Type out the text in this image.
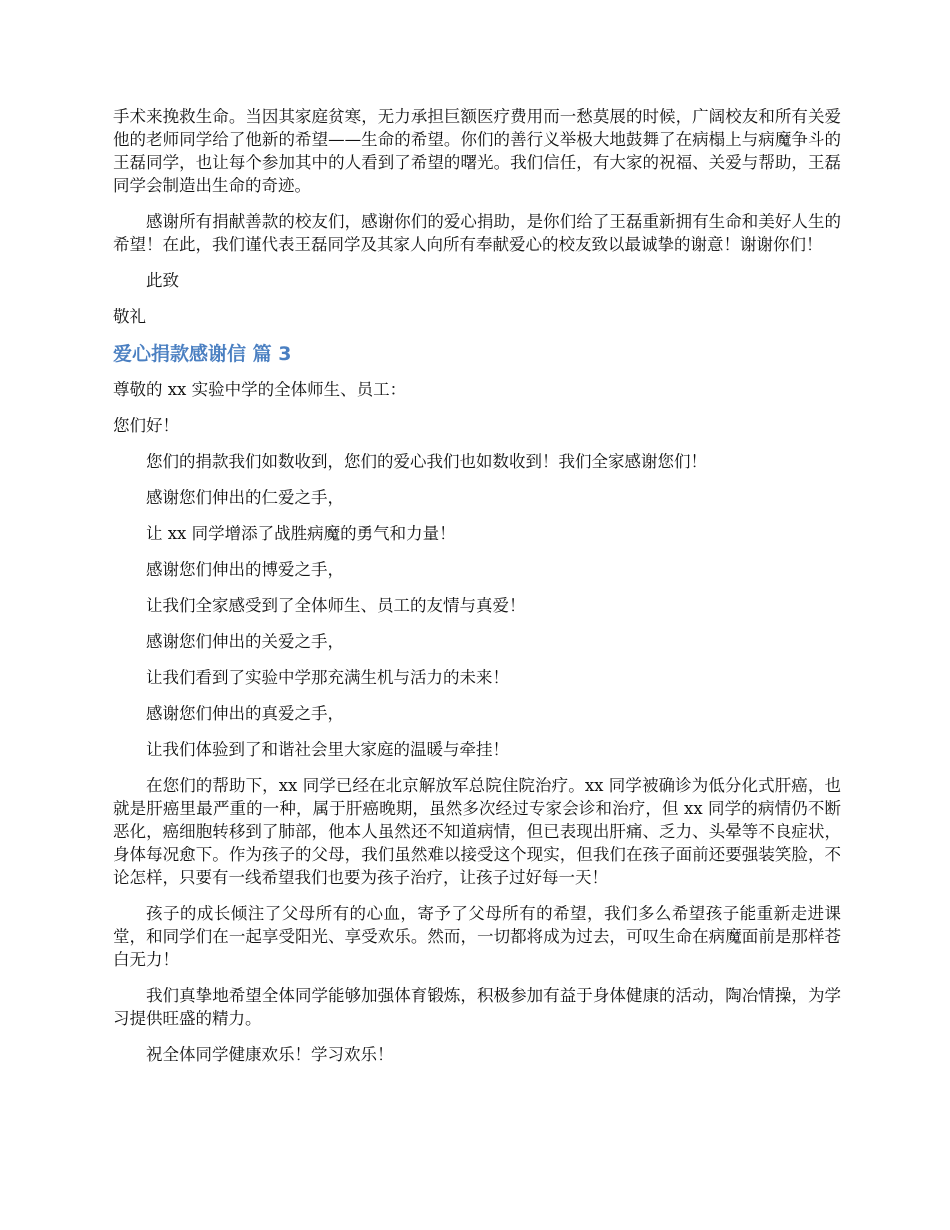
手术来挽救生命。当因其家庭贫寒，无力承担巨额医疗费用而一愁莫展的时候，广阔校友和所有关爱他的老师同学给了他新的希望——生命的希望。你们的善行义举极大地鼓舞了在病榻上与病魔争斗的王磊同学，也让每个参加其中的人看到了希望的曙光。我们信任，有大家的祝福、关爱与帮助，王磊同学会制造出生命的奇迹。

感谢所有捐献善款的校友们，感谢你们的爱心捐助，是你们给了王磊重新拥有生命和美好人生的希望！在此，我们谨代表王磊同学及其家人向所有奉献爱心的校友致以最诚挚的谢意！谢谢你们！

此致

敬礼

爱心捐款感谢信 篇 3

尊敬的 xx 实验中学的全体师生、员工：

您们好！

您们的捐款我们如数收到，您们的爱心我们也如数收到！我们全家感谢您们！

感谢您们伸出的仁爱之手，

让 xx 同学增添了战胜病魔的勇气和力量！

感谢您们伸出的博爱之手，

让我们全家感受到了全体师生、员工的友情与真爱！

感谢您们伸出的关爱之手，

让我们看到了实验中学那充满生机与活力的未来！

感谢您们伸出的真爱之手，

让我们体验到了和谐社会里大家庭的温暖与牵挂！

在您们的帮助下，xx 同学已经在北京解放军总院住院治疗。xx 同学被确诊为低分化式肝癌，也就是肝癌里最严重的一种，属于肝癌晚期，虽然多次经过专家会诊和治疗，但 xx 同学的病情仍不断恶化，癌细胞转移到了肺部，他本人虽然还不知道病情，但已表现出肝痛、乏力、头晕等不良症状，身体每况愈下。作为孩子的父母，我们虽然难以接受这个现实，但我们在孩子面前还要强装笑脸，不论怎样，只要有一线希望我们也要为孩子治疗，让孩子过好每一天！

孩子的成长倾注了父母所有的心血，寄予了父母所有的希望，我们多么希望孩子能重新走进课堂，和同学们在一起享受阳光、享受欢乐。然而，一切都将成为过去，可叹生命在病魔面前是那样苍白无力！

我们真挚地希望全体同学能够加强体育锻炼，积极参加有益于身体健康的活动，陶冶情操，为学习提供旺盛的精力。

祝全体同学健康欢乐！学习欢乐！
